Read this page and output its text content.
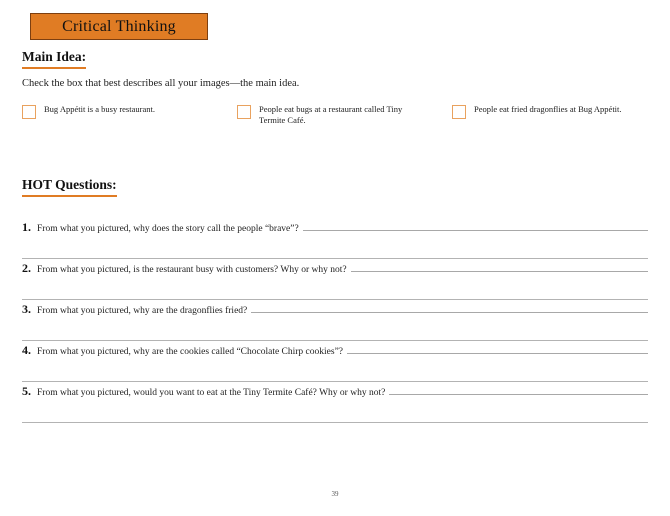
Critical Thinking
Main Idea:
Check the box that best describes all your images—the main idea.
Bug Appétit is a busy restaurant.	People eat bugs at a restaurant called Tiny Termite Café.
People eat fried dragonflies at Bug Appétit.
HOT Questions:
1. From what you pictured, why does the story call the people “brave”?
2. From what you pictured, is the restaurant busy with customers? Why or why not?
3. From what you pictured, why are the dragonflies fried?
4. From what you pictured, why are the cookies called “Chocolate Chirp cookies”?
5. From what you pictured, would you want to eat at the Tiny Termite Café? Why or why not?
39
